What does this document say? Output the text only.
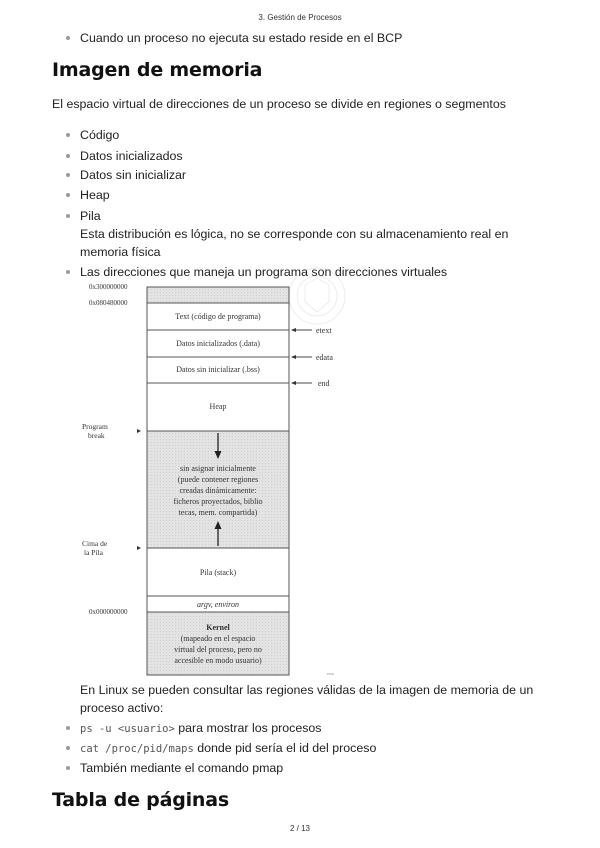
3. Gestión de Procesos
Cuando un proceso no ejecuta su estado reside en el BCP
Imagen de memoria
El espacio virtual de direcciones de un proceso se divide en regiones o segmentos
Código
Datos inicializados
Datos sin inicializar
Heap
Pila
Esta distribución es lógica, no se corresponde con su almacenamiento real en memoria física
Las direcciones que maneja un programa son direcciones virtuales
Text (código de programa)
Datos inicializados (.data)
Datos sin inicializar (.bss)
Heap
sin asignar inicialmente
(puede contener regiones
creadas dinámicamente:
ficheros proyectados, biblio
tecas, mem. compartida)
Pila (stack)
argv, environ
Kernel
(mapeado en el espacio
virtual del proceso, pero no
accesible en modo usuario)
0x300000000
0x080480000
0x000000000
etext
edata
end
Program
break
Cima de
la Pila
ecos
En Linux se pueden consultar las regiones válidas de la imagen de memoria de un proceso activo:
ps -u <usuario> para mostrar los procesos
cat /proc/pid/maps donde pid sería el id del proceso
También mediante el comando pmap
Tabla de páginas
2 / 13
